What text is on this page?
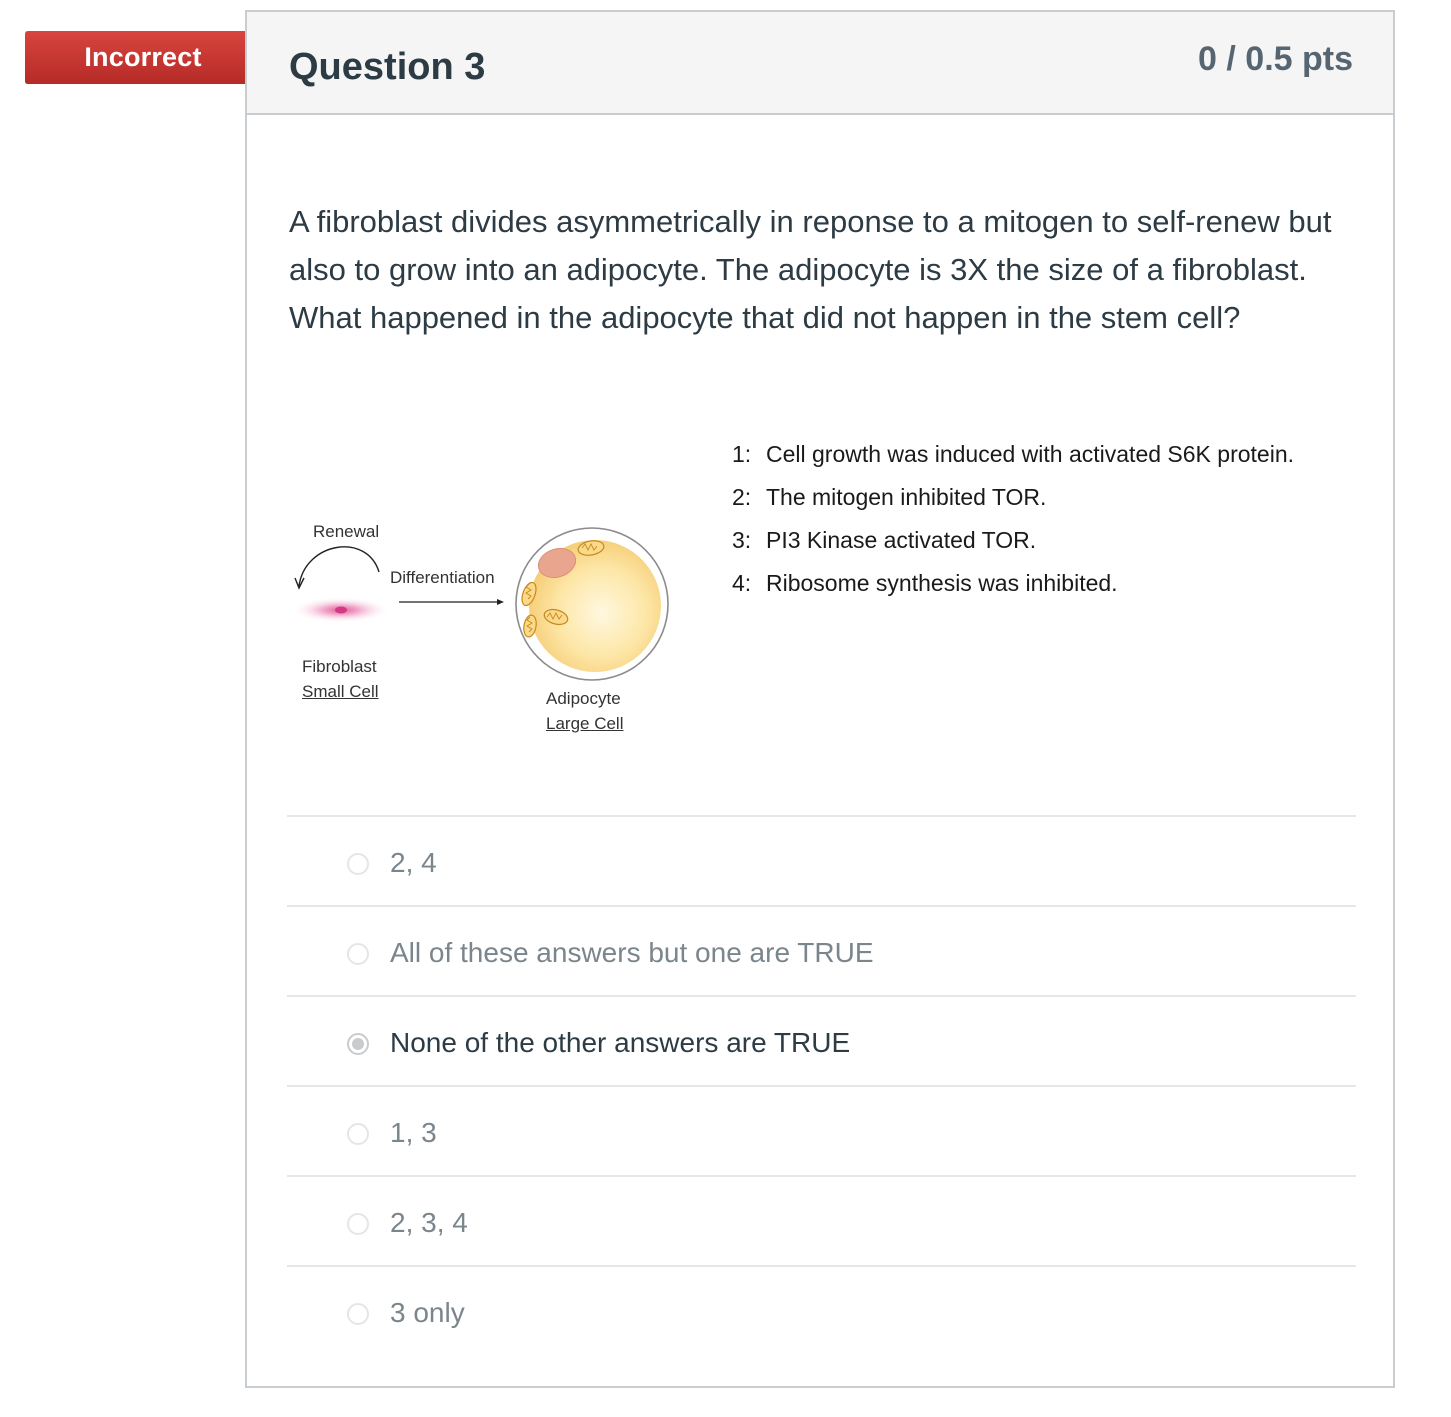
Incorrect	Question 3	0 / 0.5 pts
A fibroblast divides asymmetrically in reponse to a mitogen to self-renew but also to grow into an adipocyte. The adipocyte is 3X the size of a fibroblast. What happened in the adipocyte that did not happen in the stem cell?
Renewal
Differentiation
Fibroblast
Small Cell	Adipocyte
Large Cell
1: Cell growth was induced with activated S6K protein.
2: The mitogen inhibited TOR.
3: PI3 Kinase activated TOR.
4: Ribosome synthesis was inhibited.
2, 4
All of these answers but one are TRUE
None of the other answers are TRUE
1, 3
2, 3, 4
3 only
